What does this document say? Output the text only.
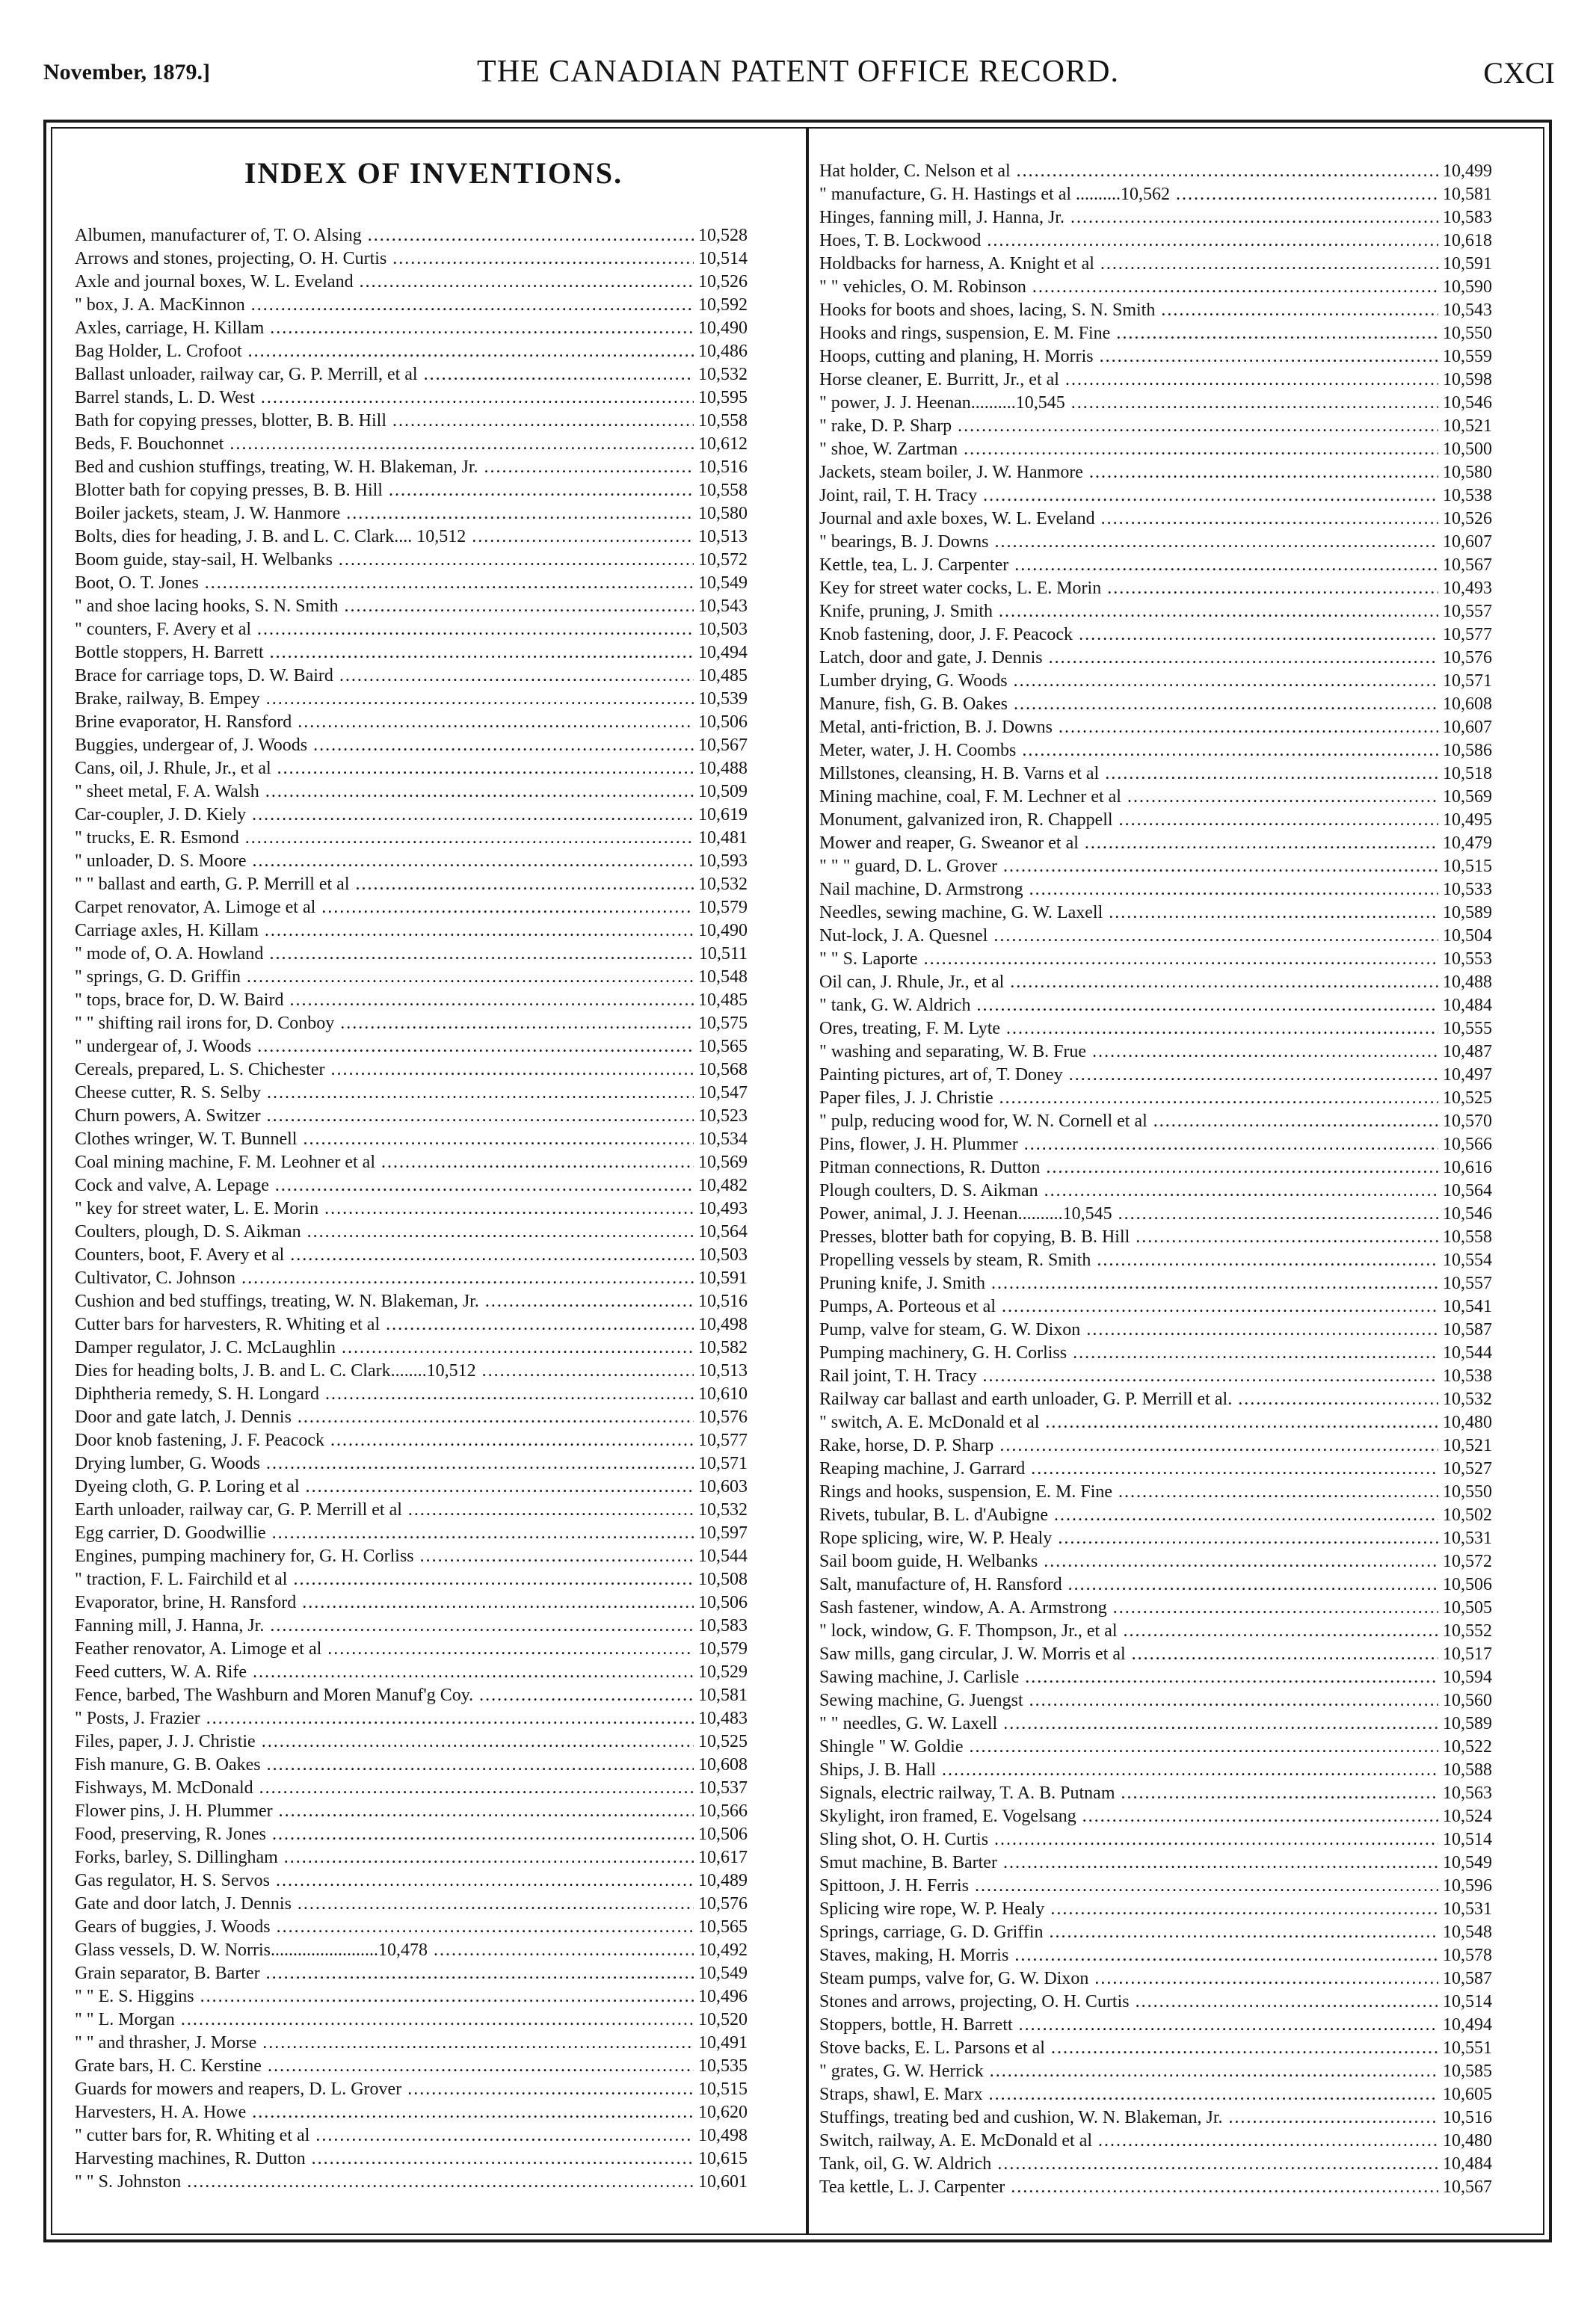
November, 1879.]	THE CANADIAN PATENT OFFICE RECORD.	CXCI
INDEX OF INVENTIONS.
Albumen, manufacturer of, T. O. Alsing .....	10,528
Arrows and stones, projecting, O. H. Curtis .....	10,514
Axle and journal boxes, W. L. Eveland .....	10,526
" box, J. A. MacKinnon .....	10,592
Axles, carriage, H. Killam .....	10,490
Bag Holder, L. Crofoot .....	10,486
Ballast unloader, railway car, G. P. Merrill, et al .....	10,532
Barrel stands, L. D. West .....	10,595
Bath for copying presses, blotter, B. B. Hill .....	10,558
Beds, F. Bouchonnet .....	10,612
Bed and cushion stuffings, treating, W. H. Blakeman, Jr. .....	10,516
Blotter bath for copying presses, B. B. Hill .....	10,558
Boiler jackets, steam, J. W. Hanmore .....	10,580
Bolts, dies for heading, J. B. and L. C. Clark.... 10,512 .....	10,513
Boom guide, stay-sail, H. Welbanks .....	10,572
Boot, O. T. Jones .....	10,549
" and shoe lacing hooks, S. N. Smith .....	10,543
" counters, F. Avery et al .....	10,503
Bottle stoppers, H. Barrett .....	10,494
Brace for carriage tops, D. W. Baird .....	10,485
Brake, railway, B. Empey .....	10,539
Brine evaporator, H. Ransford .....	10,506
Buggies, undergear of, J. Woods .....	10,567
Cans, oil, J. Rhule, Jr., et al .....	10,488
" sheet metal, F. A. Walsh .....	10,509
Car-coupler, J. D. Kiely .....	10,619
" trucks, E. R. Esmond .....	10,481
" unloader, D. S. Moore .....	10,593
" " ballast and earth, G. P. Merrill et al .....	10,532
Carpet renovator, A. Limoge et al .....	10,579
Carriage axles, H. Killam .....	10,490
" mode of, O. A. Howland .....	10,511
" springs, G. D. Griffin .....	10,548
" tops, brace for, D. W. Baird .....	10,485
" " shifting rail irons for, D. Conboy .....	10,575
" undergear of, J. Woods .....	10,565
Cereals, prepared, L. S. Chichester .....	10,568
Cheese cutter, R. S. Selby .....	10,547
Churn powers, A. Switzer .....	10,523
Clothes wringer, W. T. Bunnell .....	10,534
Coal mining machine, F. M. Leohner et al .....	10,569
Cock and valve, A. Lepage .....	10,482
" key for street water, L. E. Morin .....	10,493
Coulters, plough, D. S. Aikman .....	10,564
Counters, boot, F. Avery et al .....	10,503
Cultivator, C. Johnson .....	10,591
Cushion and bed stuffings, treating, W. N. Blakeman, Jr. .....	10,516
Cutter bars for harvesters, R. Whiting et al .....	10,498
Damper regulator, J. C. McLaughlin .....	10,582
Dies for heading bolts, J. B. and L. C. Clark........10,512 .....	10,513
Diphtheria remedy, S. H. Longard .....	10,610
Door and gate latch, J. Dennis .....	10,576
Door knob fastening, J. F. Peacock .....	10,577
Drying lumber, G. Woods .....	10,571
Dyeing cloth, G. P. Loring et al .....	10,603
Earth unloader, railway car, G. P. Merrill et al .....	10,532
Egg carrier, D. Goodwillie .....	10,597
Engines, pumping machinery for, G. H. Corliss .....	10,544
" traction, F. L. Fairchild et al .....	10,508
Evaporator, brine, H. Ransford .....	10,506
Fanning mill, J. Hanna, Jr. .....	10,583
Feather renovator, A. Limoge et al .....	10,579
Feed cutters, W. A. Rife .....	10,529
Fence, barbed, The Washburn and Moren Manuf'g Coy. .....	10,581
" Posts, J. Frazier .....	10,483
Files, paper, J. J. Christie .....	10,525
Fish manure, G. B. Oakes .....	10,608
Fishways, M. McDonald .....	10,537
Flower pins, J. H. Plummer .....	10,566
Food, preserving, R. Jones .....	10,506
Forks, barley, S. Dillingham .....	10,617
Gas regulator, H. S. Servos .....	10,489
Gate and door latch, J. Dennis .....	10,576
Gears of buggies, J. Woods .....	10,565
Glass vessels, D. W. Norris........................10,478 .....	10,492
Grain separator, B. Barter .....	10,549
" " E. S. Higgins .....	10,496
" " L. Morgan .....	10,520
" " and thrasher, J. Morse .....	10,491
Grate bars, H. C. Kerstine .....	10,535
Guards for mowers and reapers, D. L. Grover .....	10,515
Harvesters, H. A. Howe .....	10,620
" cutter bars for, R. Whiting et al .....	10,498
Harvesting machines, R. Dutton .....	10,615
" " S. Johnston .....	10,601
Hat holder, C. Nelson et al .....	10,499
" manufacture, G. H. Hastings et al ..........10,562 .....	10,581
Hinges, fanning mill, J. Hanna, Jr. .....	10,583
Hoes, T. B. Lockwood .....	10,618
Holdbacks for harness, A. Knight et al .....	10,591
" " vehicles, O. M. Robinson .....	10,590
Hooks for boots and shoes, lacing, S. N. Smith .....	10,543
Hooks and rings, suspension, E. M. Fine .....	10,550
Hoops, cutting and planing, H. Morris .....	10,559
Horse cleaner, E. Burritt, Jr., et al .....	10,598
" power, J. J. Heenan..........10,545 .....	10,546
" rake, D. P. Sharp .....	10,521
" shoe, W. Zartman .....	10,500
Jackets, steam boiler, J. W. Hanmore .....	10,580
Joint, rail, T. H. Tracy .....	10,538
Journal and axle boxes, W. L. Eveland .....	10,526
" bearings, B. J. Downs .....	10,607
Kettle, tea, L. J. Carpenter .....	10,567
Key for street water cocks, L. E. Morin .....	10,493
Knife, pruning, J. Smith .....	10,557
Knob fastening, door, J. F. Peacock .....	10,577
Latch, door and gate, J. Dennis .....	10,576
Lumber drying, G. Woods .....	10,571
Manure, fish, G. B. Oakes .....	10,608
Metal, anti-friction, B. J. Downs .....	10,607
Meter, water, J. H. Coombs .....	10,586
Millstones, cleansing, H. B. Varns et al .....	10,518
Mining machine, coal, F. M. Lechner et al .....	10,569
Monument, galvanized iron, R. Chappell .....	10,495
Mower and reaper, G. Sweanor et al .....	10,479
" " " guard, D. L. Grover .....	10,515
Nail machine, D. Armstrong .....	10,533
Needles, sewing machine, G. W. Laxell .....	10,589
Nut-lock, J. A. Quesnel .....	10,504
" " S. Laporte .....	10,553
Oil can, J. Rhule, Jr., et al .....	10,488
" tank, G. W. Aldrich .....	10,484
Ores, treating, F. M. Lyte .....	10,555
" washing and separating, W. B. Frue .....	10,487
Painting pictures, art of, T. Doney .....	10,497
Paper files, J. J. Christie .....	10,525
" pulp, reducing wood for, W. N. Cornell et al .....	10,570
Pins, flower, J. H. Plummer .....	10,566
Pitman connections, R. Dutton .....	10,616
Plough coulters, D. S. Aikman .....	10,564
Power, animal, J. J. Heenan..........10,545 .....	10,546
Presses, blotter bath for copying, B. B. Hill .....	10,558
Propelling vessels by steam, R. Smith .....	10,554
Pruning knife, J. Smith .....	10,557
Pumps, A. Porteous et al .....	10,541
Pump, valve for steam, G. W. Dixon .....	10,587
Pumping machinery, G. H. Corliss .....	10,544
Rail joint, T. H. Tracy .....	10,538
Railway car ballast and earth unloader, G. P. Merrill et al. .....	10,532
" switch, A. E. McDonald et al .....	10,480
Rake, horse, D. P. Sharp .....	10,521
Reaping machine, J. Garrard .....	10,527
Rings and hooks, suspension, E. M. Fine .....	10,550
Rivets, tubular, B. L. d'Aubigne .....	10,502
Rope splicing, wire, W. P. Healy .....	10,531
Sail boom guide, H. Welbanks .....	10,572
Salt, manufacture of, H. Ransford .....	10,506
Sash fastener, window, A. A. Armstrong .....	10,505
" lock, window, G. F. Thompson, Jr., et al .....	10,552
Saw mills, gang circular, J. W. Morris et al .....	10,517
Sawing machine, J. Carlisle .....	10,594
Sewing machine, G. Juengst .....	10,560
" " needles, G. W. Laxell .....	10,589
Shingle " W. Goldie .....	10,522
Ships, J. B. Hall .....	10,588
Signals, electric railway, T. A. B. Putnam .....	10,563
Skylight, iron framed, E. Vogelsang .....	10,524
Sling shot, O. H. Curtis .....	10,514
Smut machine, B. Barter .....	10,549
Spittoon, J. H. Ferris .....	10,596
Splicing wire rope, W. P. Healy .....	10,531
Springs, carriage, G. D. Griffin .....	10,548
Staves, making, H. Morris .....	10,578
Steam pumps, valve for, G. W. Dixon .....	10,587
Stones and arrows, projecting, O. H. Curtis .....	10,514
Stoppers, bottle, H. Barrett .....	10,494
Stove backs, E. L. Parsons et al .....	10,551
" grates, G. W. Herrick .....	10,585
Straps, shawl, E. Marx .....	10,605
Stuffings, treating bed and cushion, W. N. Blakeman, Jr. .....	10,516
Switch, railway, A. E. McDonald et al .....	10,480
Tank, oil, G. W. Aldrich .....	10,484
Tea kettle, L. J. Carpenter .....	10,567
